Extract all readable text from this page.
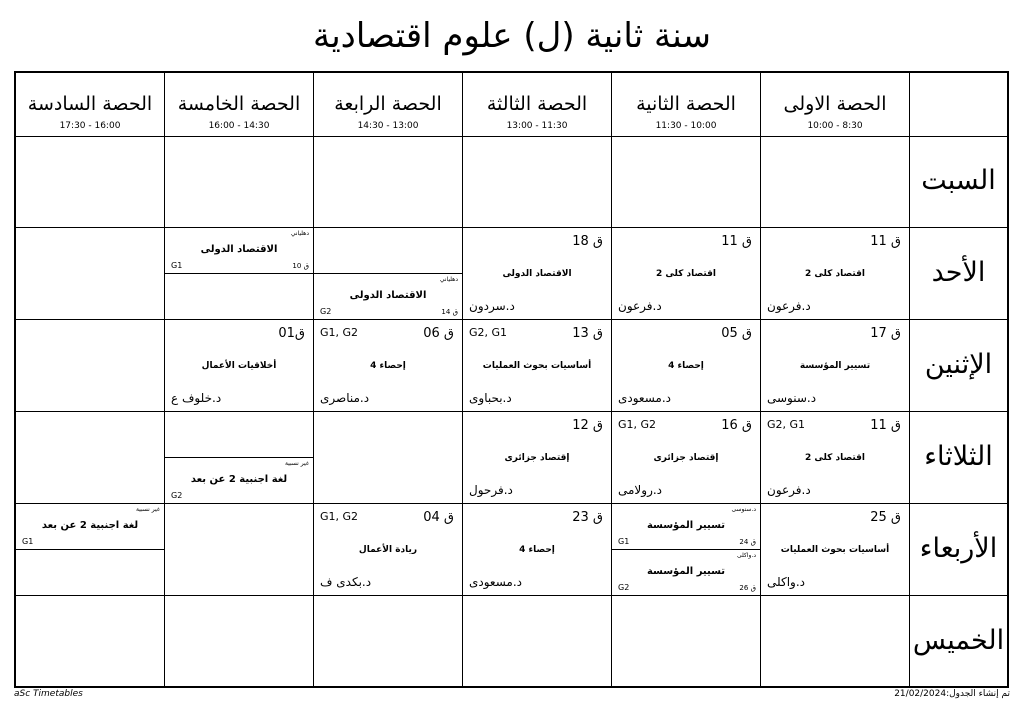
سنة ثانية (ل) علوم اقتصادية
الحصة السادسة
17:30 - 16:00
الحصة الخامسة
16:00 - 14:30
الحصة الرابعة
14:30 - 13:00
الحصة الثالثة
13:00 - 11:30
الحصة الثانية
11:30 - 10:00
الحصة الاولى
10:00 - 8:30
السبت
الأحد
الإثنين
الثلاثاء
الأربعاء
الخميس
ق 11
اقتصاد كلى 2
د.فرعون
ق 11
اقتصاد كلى 2
د.فرعون
ق 18
الاقتصاد الدولى
د.سردون
دهلياني
الاقتصاد الدولى
ق 14
G2
دهلياني
الاقتصاد الدولى
ق 10
G1
ق 17
تسيير المؤسسة
د.سنوسى
ق 05
إحصاء 4
د.مسعودى
ق 13
G2, G1
أساسيات بحوث العمليات
د.بحباوى
ق 06
G1, G2
إحصاء 4
د.مناصرى
ق01
أخلاقيات الأعمال
د.خلوف ع
ق 11
G2, G1
اقتصاد كلى 2
د.فرعون
ق 16
G1, G2
إقتصاد جزائرى
د.رولامى
ق 12
إقتصاد جزائرى
د.فرحول
غير نسبية
لغة اجنبية 2 عن بعد
G2
ق 25
أساسيات بحوث العمليات
د.واكلى
د.سنوسى
تسيير المؤسسة
ق 24
G1
د.واكلى
تسيير المؤسسة
ق 26
G2
ق 23
إحصاء 4
د.مسعودى
ق 04
G1, G2
ريادة الأعمال
د.بكدى ف
غير نسبية
لغة اجنبية 2 عن بعد
G1
aSc Timetables	تم إنشاء الجدول:21/02/2024
